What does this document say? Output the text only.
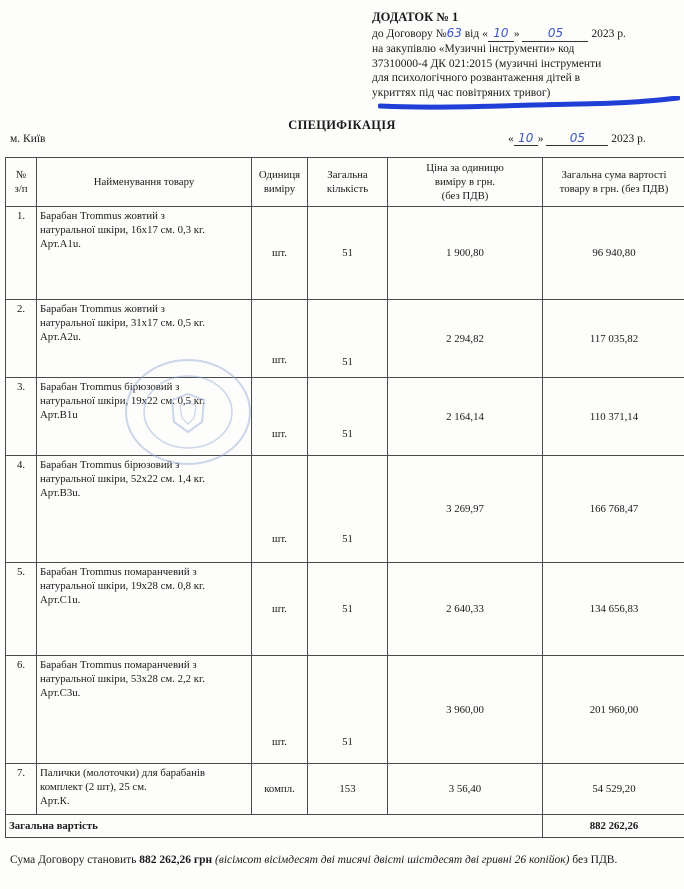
ДОДАТОК № 1
до Договору №63 від « 10 » 05 2023 р.
на закупівлю «Музичні інструменти» код
37310000-4 ДК 021:2015 (музичні інструменти
для психологічного розвантаження дітей в
укриттях під час повітряних тривог)
СПЕЦИФІКАЦІЯ
м. Київ	« 10 » 05 2023 р.
№
з/п	Найменування товару	Одиниця
виміру	Загальна
кількість	Ціна за одиницю
виміру в грн.
(без ПДВ)	Загальна сума вартості
товару в грн. (без ПДВ)
1.	Барабан Trommus жовтий з
натуральної шкіри, 16х17 см. 0,3 кг.
Арт.А1u.	шт.	51	1 900,80	96 940,80
2.	Барабан Trommus жовтий з
натуральної шкіри, 31х17 см. 0,5 кг.
Арт.А2u.	шт.	51	2 294,82	117 035,82
3.	Барабан Trommus бірюзовий з
натуральної шкіри, 19х22 см. 0,5 кг.
Арт.В1u	шт.	51	2 164,14	110 371,14
4.	Барабан Trommus бірюзовий з
натуральної шкіри, 52х22 см. 1,4 кг.
Арт.В3u.	шт.	51	3 269,97	166 768,47
5.	Барабан Trommus помаранчевий з
натуральної шкіри, 19х28 см. 0,8 кг.
Арт.С1u.	шт.	51	2 640,33	134 656,83
6.	Барабан Trommus помаранчевий з
натуральної шкіри, 53х28 см. 2,2 кг.
Арт.С3u.	шт.	51	3 960,00	201 960,00
7.	Палички (молоточки) для барабанів
комплект (2 шт), 25 см.
Арт.К.	компл.	153	3 56,40	54 529,20
Загальна вартість					882 262,26
Сума Договору становить 882 262,26 грн (вісімсот вісімдесят дві тисячі двісті шістдесят дві гривні 26 копійок) без ПДВ.
